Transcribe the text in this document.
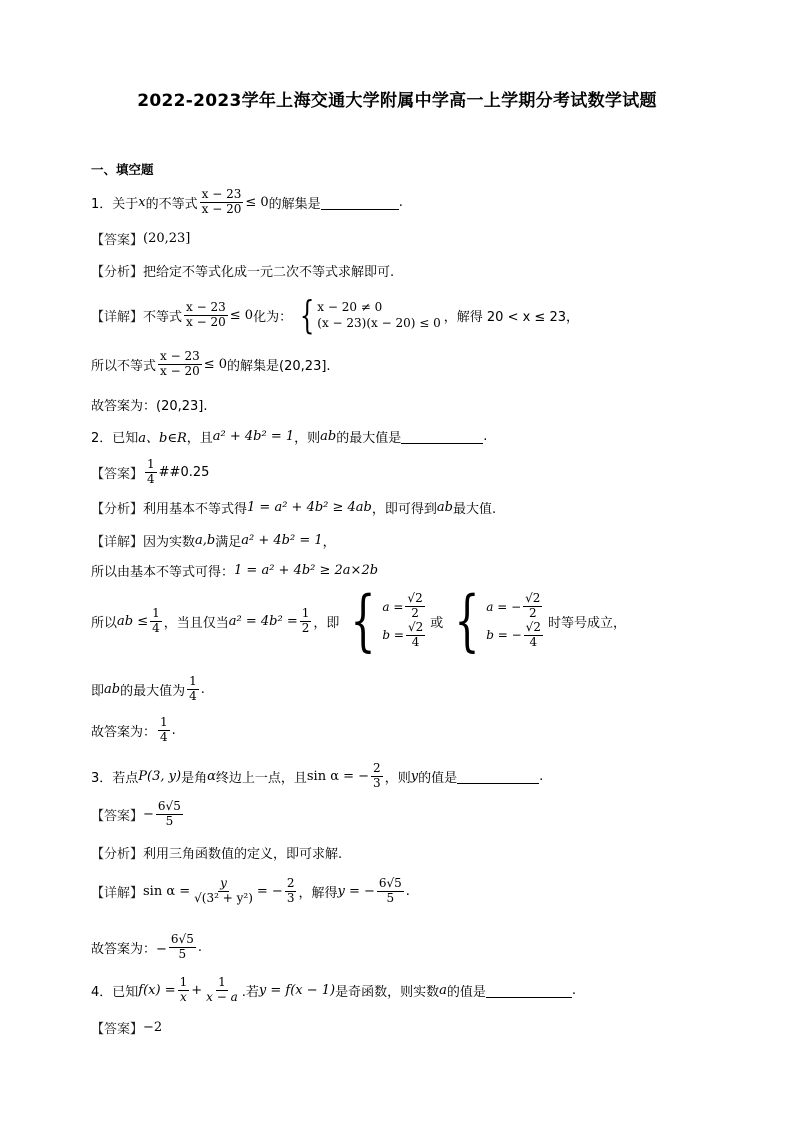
2022-2023学年上海交通大学附属中学高一上学期分考试数学试题
一、填空题
1．关于 x 的不等式 $\frac{x - 23}{x - 20} \le 0$ 的解集是	.
【答案】 (20,23]
【分析】 把给定不等式化成一元二次不等式求解即可.
【详解】 不等式 $\frac{x - 23}{x - 20} \le 0$ 化为： { x − 20 ≠ 0
(x − 23)(x − 20) ≤ 0 ，解得 20 < x ≤ 23，
所以不等式 $\frac{x - 23}{x - 20} \le 0$ 的解集是(20,23].
故答案为：(20,23].
2．已知 a、b∈R ，且 a² + 4b² = 1 ，则 ab 的最大值是	.
【答案】 $\frac{1}{4}$ ##0.25
【分析】 利用基本不等式得 1 = a² + 4b² ≥ 4ab ，即可得到 ab 最大值.
【详解】 因为实数 a,b 满足 a² + 4b² = 1 ，
所以由基本不等式可得： 1 = a² + 4b² ≥ 2a×2b
所以 ab ≤ $\frac{1}{4}$ ，当且仅当 $a^2 = 4b^2 = \frac{1}{2}$ ，即 { $a = \frac{√2}{2}$
$b = \frac{√2}{4}$ 或 { a = − $\frac{√2}{2}$
b = − $\frac{√2}{4}$ 时等号成立，
即 ab 的最大值为 $\frac{1}{4}$ .
故答案为： $\frac{1}{4}$ .
3．若点 P(3, y) 是角 α 终边上一点，且 sin α = − $\frac{2}{3}$ ，则 y 的值是	.
【答案】 − $\frac{6√5}{5}$
【分析】 利用三角函数值的定义，即可求解.
【详解】 $\sin \alpha = \frac{y}{\text{√(3² + y²)}}$ = − $\frac{2}{3}$ ，解得 y = − $\frac{6√5}{5}$ .
故答案为：− $\frac{6√5}{5}$ .
4．已知 $f(x) = \frac{1}{x} + \frac{1}{x - a}$ .若 y = f(x − 1) 是奇函数，则实数 a 的值是	.
【答案】 −2
